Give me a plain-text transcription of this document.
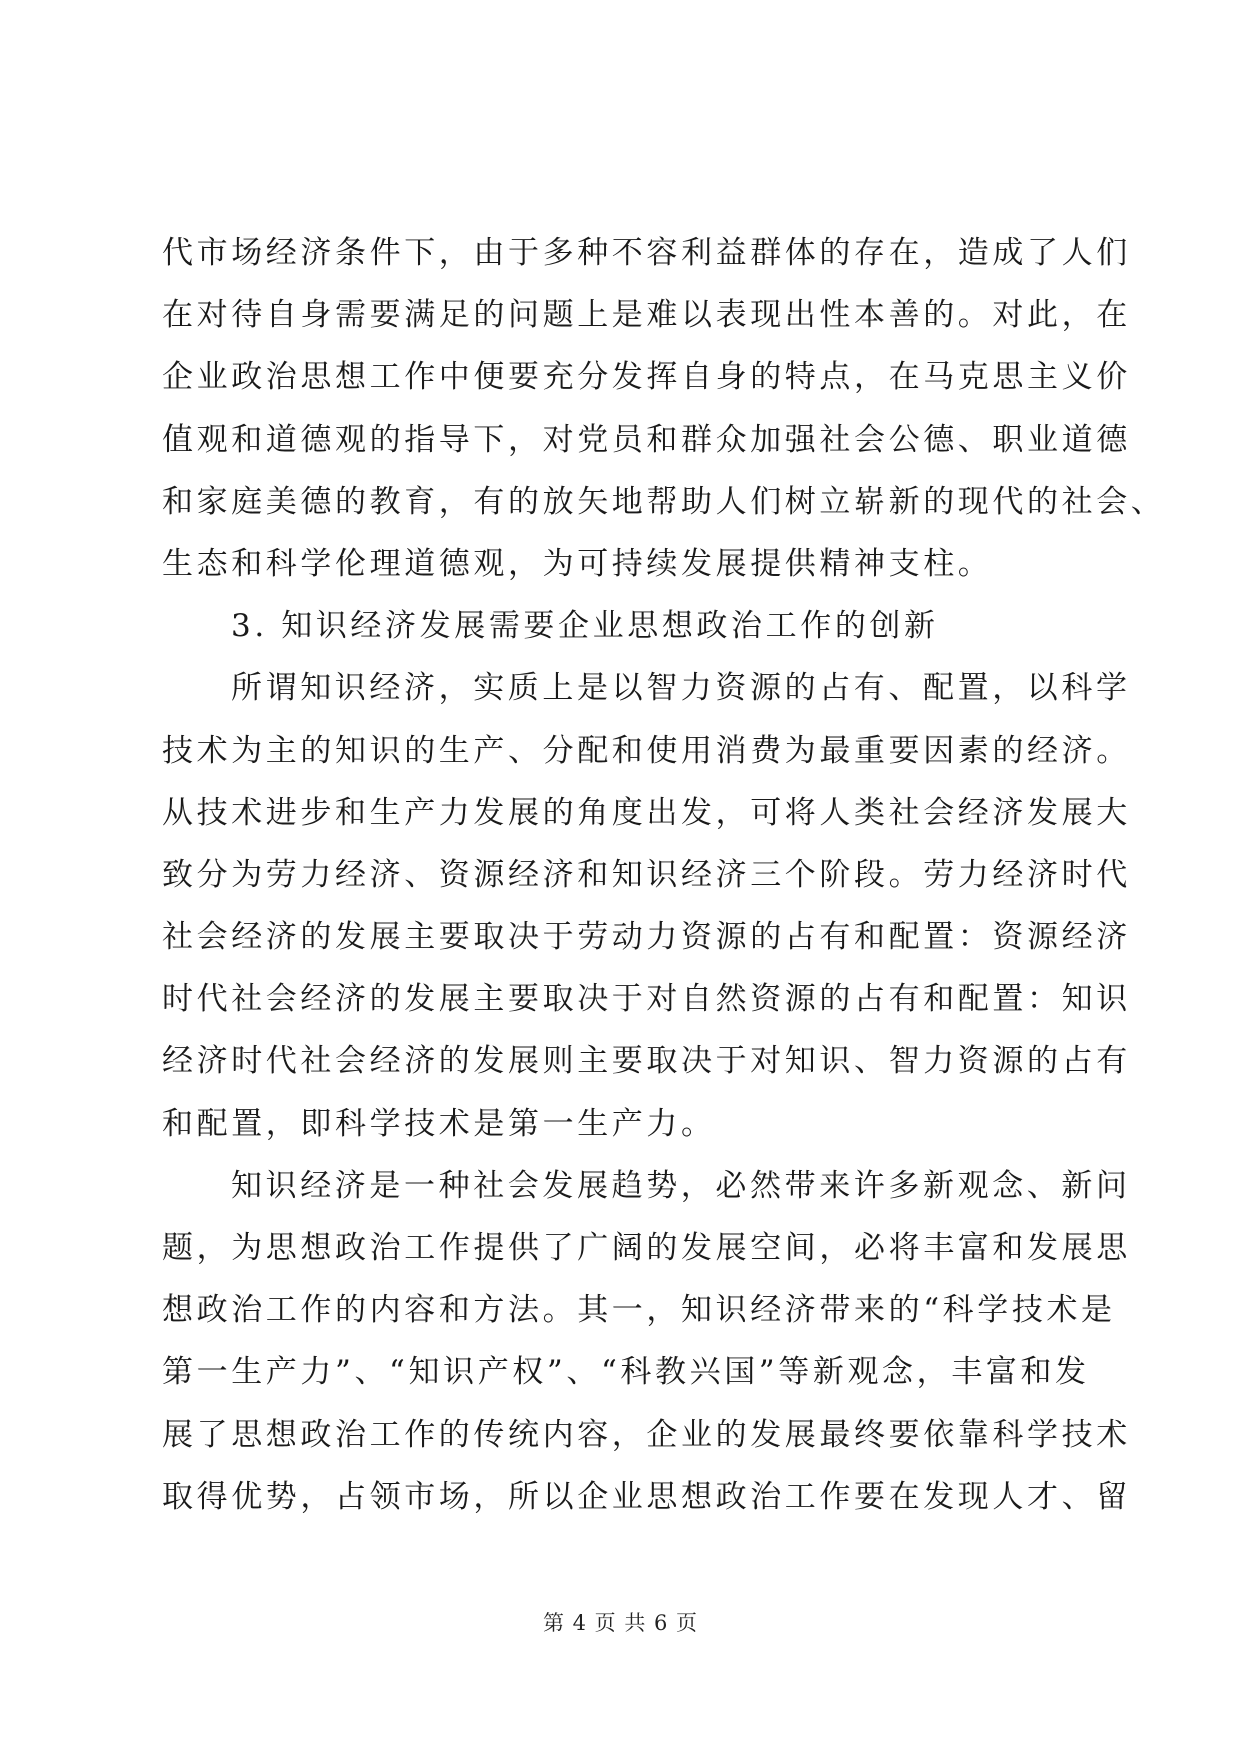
代市场经济条件下，由于多种不容利益群体的存在，造成了人们
在对待自身需要满足的问题上是难以表现出性本善的。对此，在
企业政治思想工作中便要充分发挥自身的特点，在马克思主义价
值观和道德观的指导下，对党员和群众加强社会公德、职业道德
和家庭美德的教育，有的放矢地帮助人们树立崭新的现代的社会、
生态和科学伦理道德观，为可持续发展提供精神支柱。
3. 知识经济发展需要企业思想政治工作的创新
所谓知识经济，实质上是以智力资源的占有、配置，以科学
技术为主的知识的生产、分配和使用消费为最重要因素的经济。
从技术进步和生产力发展的角度出发，可将人类社会经济发展大
致分为劳力经济、资源经济和知识经济三个阶段。劳力经济时代
社会经济的发展主要取决于劳动力资源的占有和配置：资源经济
时代社会经济的发展主要取决于对自然资源的占有和配置：知识
经济时代社会经济的发展则主要取决于对知识、智力资源的占有
和配置，即科学技术是第一生产力。
知识经济是一种社会发展趋势，必然带来许多新观念、新问
题，为思想政治工作提供了广阔的发展空间，必将丰富和发展思
想政治工作的内容和方法。其一，知识经济带来的“科学技术是
第一生产力”、“知识产权”、“科教兴国”等新观念，丰富和发
展了思想政治工作的传统内容，企业的发展最终要依靠科学技术
取得优势，占领市场，所以企业思想政治工作要在发现人才、留
第 4 页 共 6 页
